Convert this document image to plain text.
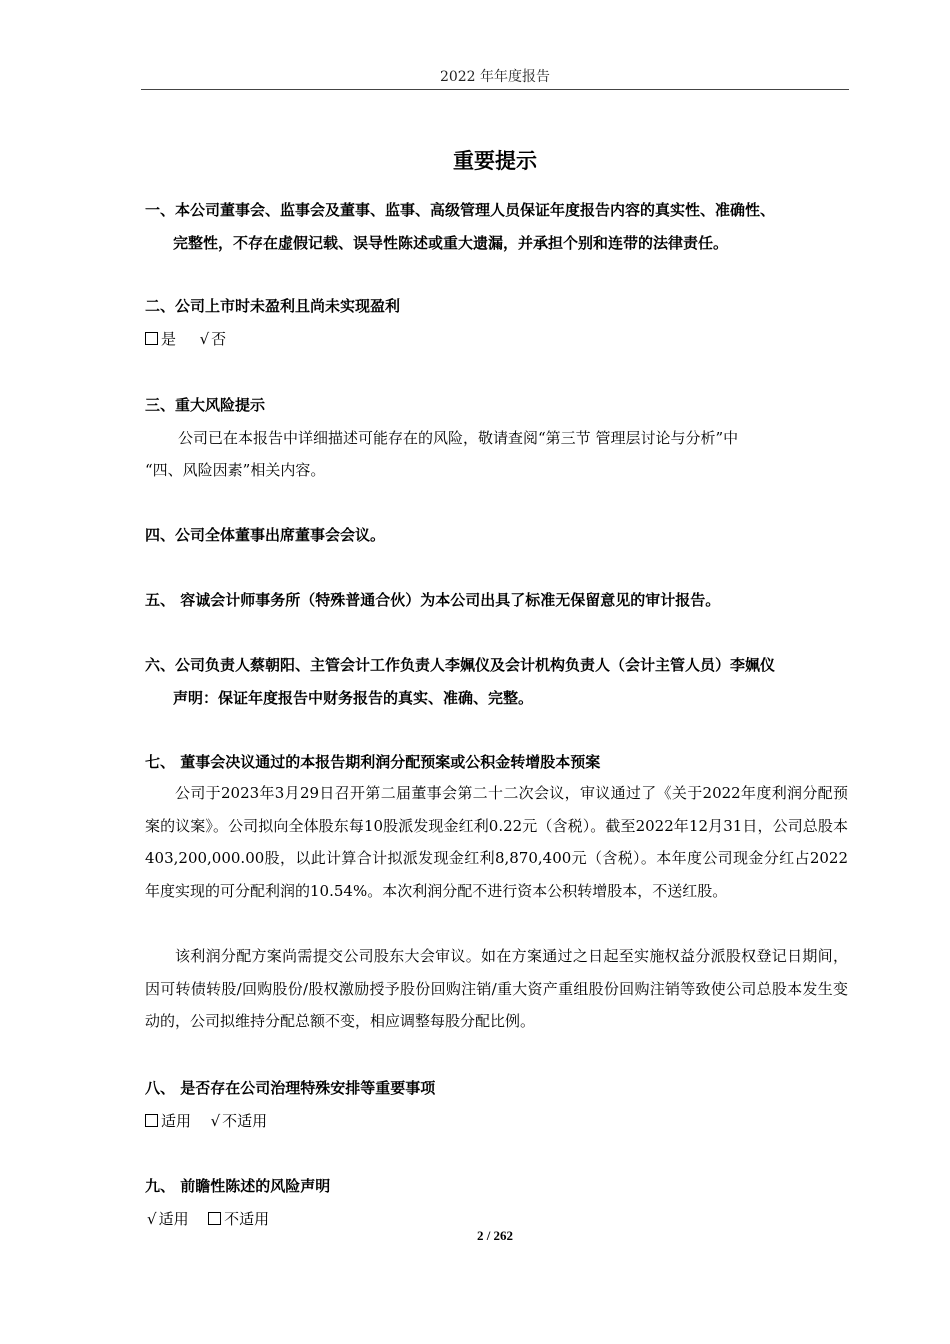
2022 年年度报告
重要提示
一、本公司董事会、监事会及董事、监事、高级管理人员保证年度报告内容的真实性、准确性、
完整性，不存在虚假记载、误导性陈述或重大遗漏，并承担个别和连带的法律责任。
二、公司上市时未盈利且尚未实现盈利
是 √ 否
三、重大风险提示
公司已在本报告中详细描述可能存在的风险，敬请查阅“第三节 管理层讨论与分析”中
“四、风险因素”相关内容。
四、公司全体董事出席董事会会议。
五、 容诚会计师事务所（特殊普通合伙）为本公司出具了标准无保留意见的审计报告。
六、公司负责人蔡朝阳、主管会计工作负责人李姵仪及会计机构负责人（会计主管人员）李姵仪
声明：保证年度报告中财务报告的真实、准确、完整。
七、 董事会决议通过的本报告期利润分配预案或公积金转增股本预案
公司于2023年3月29日召开第二届董事会第二十二次会议，审议通过了《关于2022年度利润分配预案的议案》。公司拟向全体股东每10股派发现金红利0.22元（含税）。截至2022年12月31日，公司总股本403,200,000.00股，以此计算合计拟派发现金红利8,870,400元（含税）。本年度公司现金分红占2022年度实现的可分配利润的10.54%。本次利润分配不进行资本公积转增股本，不送红股。
该利润分配方案尚需提交公司股东大会审议。如在方案通过之日起至实施权益分派股权登记日期间，因可转债转股/回购股份/股权激励授予股份回购注销/重大资产重组股份回购注销等致使公司总股本发生变动的，公司拟维持分配总额不变，相应调整每股分配比例。
八、 是否存在公司治理特殊安排等重要事项
适用 √ 不适用
九、 前瞻性陈述的风险声明
√ 适用 不适用
2 / 262
